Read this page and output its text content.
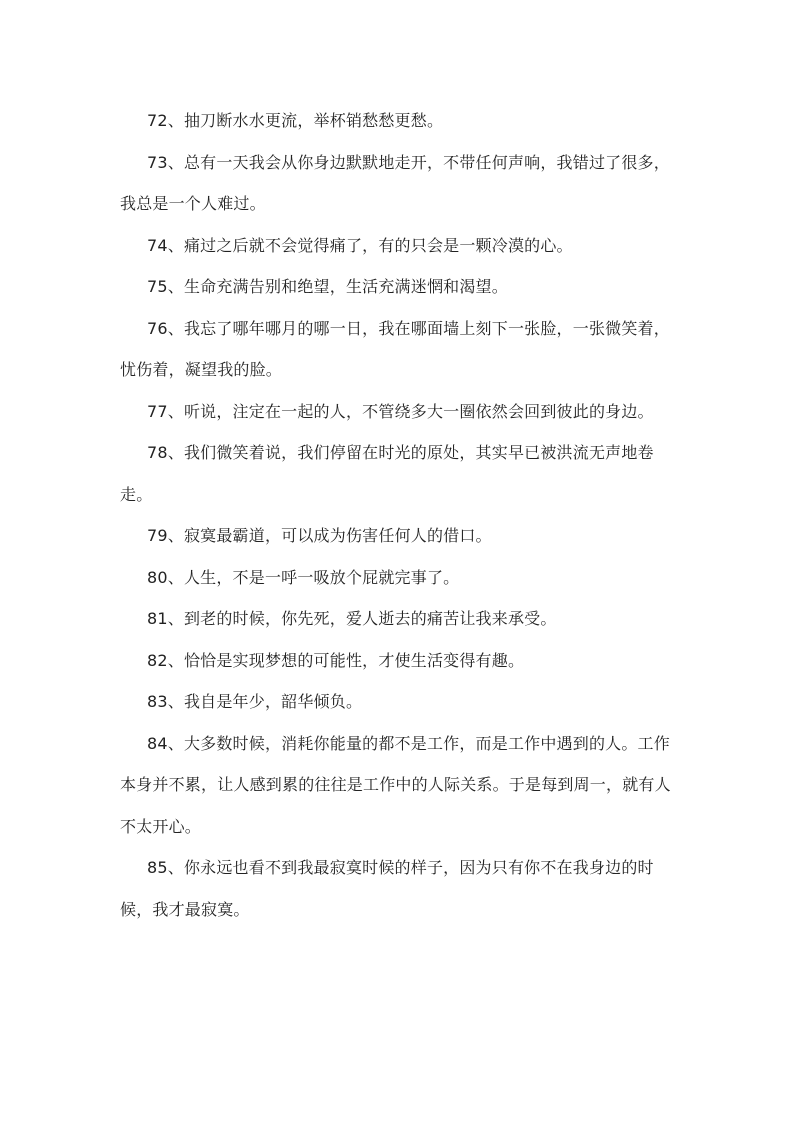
72、抽刀断水水更流，举杯销愁愁更愁。

73、总有一天我会从你身边默默地走开，不带任何声响，我错过了很多，我总是一个人难过。

74、痛过之后就不会觉得痛了，有的只会是一颗冷漠的心。

75、生命充满告别和绝望，生活充满迷惘和渴望。

76、我忘了哪年哪月的哪一日，我在哪面墙上刻下一张脸，一张微笑着，忧伤着，凝望我的脸。

77、听说，注定在一起的人，不管绕多大一圈依然会回到彼此的身边。

78、我们微笑着说，我们停留在时光的原处，其实早已被洪流无声地卷走。

79、寂寞最霸道，可以成为伤害任何人的借口。

80、人生，不是一呼一吸放个屁就完事了。

81、到老的时候，你先死，爱人逝去的痛苦让我来承受。

82、恰恰是实现梦想的可能性，才使生活变得有趣。

83、我自是年少，韶华倾负。

84、大多数时候，消耗你能量的都不是工作，而是工作中遇到的人。工作本身并不累，让人感到累的往往是工作中的人际关系。于是每到周一，就有人不太开心。

85、你永远也看不到我最寂寞时候的样子，因为只有你不在我身边的时候，我才最寂寞。
